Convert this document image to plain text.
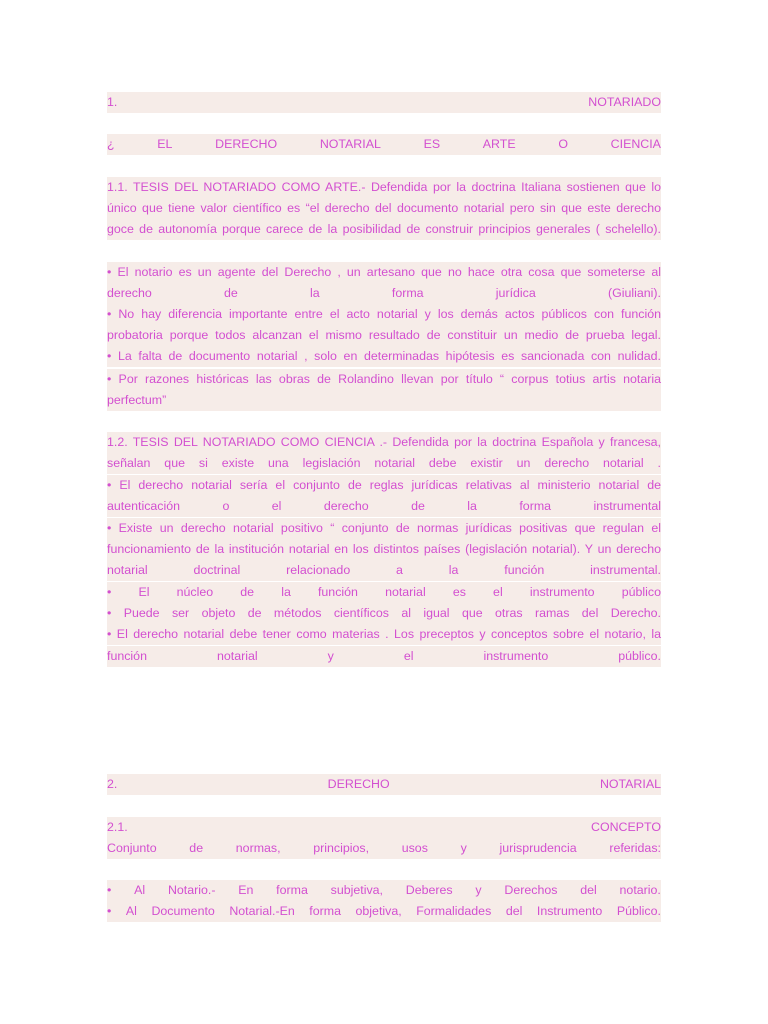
1.	NOTARIADO
¿	EL	DERECHO	NOTARIAL	ES	ARTE	O	CIENCIA
1.1. TESIS DEL NOTARIADO COMO ARTE.- Defendida por la doctrina Italiana sostienen que lo
único que tiene valor científico es “el derecho del documento notarial pero sin que este derecho
goce de autonomía porque carece de la posibilidad de construir principios generales ( schelello).
• El notario es un agente del Derecho , un artesano que no hace otra cosa que someterse al
derecho	de	la	forma	jurídica	(Giuliani).
• No hay diferencia importante entre el acto notarial y los demás actos públicos con función
probatoria porque todos alcanzan el mismo resultado de constituir un medio de prueba legal.
• La falta de documento notarial , solo en determinadas hipótesis es sancionada con nulidad.
• Por razones históricas las obras de Rolandino llevan por título “ corpus totius artis notaria
perfectum”
1.2. TESIS DEL NOTARIADO COMO CIENCIA .- Defendida por la doctrina Española y francesa,
señalan que si existe una legislación notarial debe existir un derecho notarial .
• El derecho notarial sería el conjunto de reglas jurídicas relativas al ministerio notarial de
autenticación	o	el	derecho	de	la	forma	instrumental
• Existe un derecho notarial positivo “ conjunto de normas jurídicas positivas que regulan el
funcionamiento de la institución notarial en los distintos países (legislación notarial). Y un derecho
notarial	doctrinal	relacionado	a	la	función	instrumental.
• El núcleo de la función notarial es el instrumento público
• Puede ser objeto de métodos científicos al igual que otras ramas del Derecho.
• El derecho notarial debe tener como materias . Los preceptos y conceptos sobre el notario, la
función	notarial	y	el	instrumento	público.
2.	DERECHO	NOTARIAL
2.1.	CONCEPTO
Conjunto	de	normas,	principios,	usos	y	jurisprudencia	referidas:
• Al Notario.- En forma subjetiva, Deberes y Derechos del notario.
• Al Documento Notarial.-En forma objetiva, Formalidades del Instrumento Público.
